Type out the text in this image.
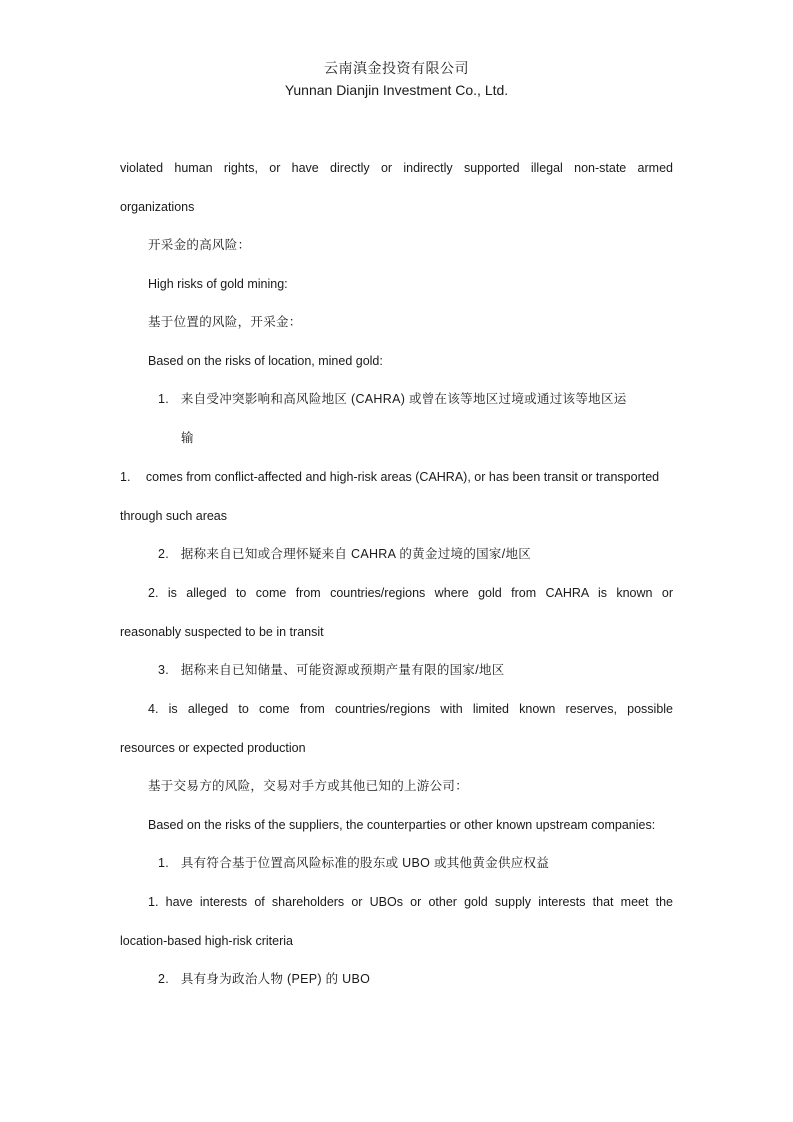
云南滇金投资有限公司
Yunnan Dianjin Investment Co., Ltd.
violated human rights, or have directly or indirectly supported illegal non-state armed
organizations
开采金的高风险：
High risks of gold mining:
基于位置的风险，开采金：
Based on the risks of location, mined gold:
1. 来自受冲突影响和高风险地区 (CAHRA) 或曾在该等地区过境或通过该等地区运
输
1. comes from conflict-affected and high-risk areas (CAHRA), or has been transit or transported
through such areas
2. 据称来自已知或合理怀疑来自 CAHRA 的黄金过境的国家/地区
2. is alleged to come from countries/regions where gold from CAHRA is known or
reasonably suspected to be in transit
3. 据称来自已知储量、可能资源或预期产量有限的国家/地区
4. is alleged to come from countries/regions with limited known reserves, possible
resources or expected production
基于交易方的风险，交易对手方或其他已知的上游公司：
Based on the risks of the suppliers, the counterparties or other known upstream companies:
1. 具有符合基于位置高风险标准的股东或 UBO 或其他黄金供应权益
1. have interests of shareholders or UBOs or other gold supply interests that meet the
location-based high-risk criteria
2. 具有身为政治人物 (PEP) 的 UBO
